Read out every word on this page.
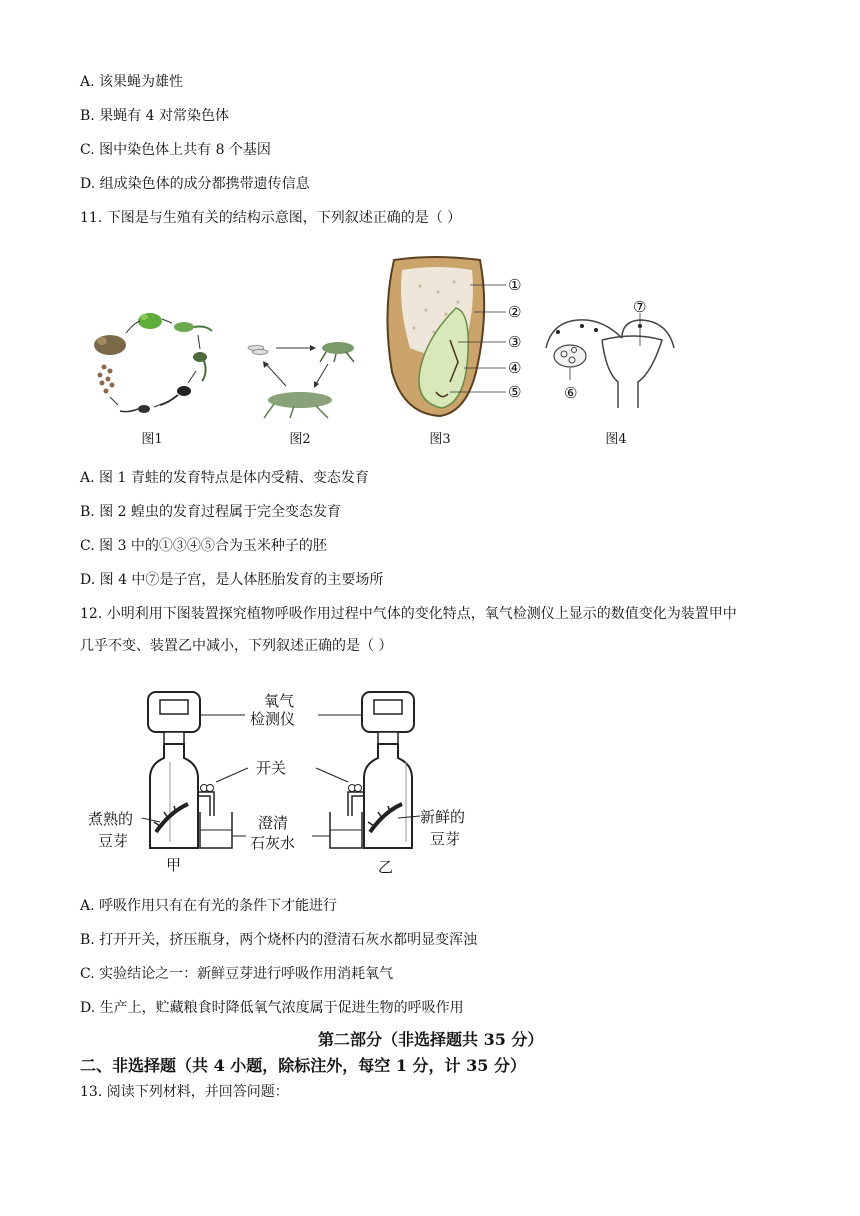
A. 该果蝇为雄性
B. 果蝇有 4 对常染色体
C. 图中染色体上共有 8 个基因
D. 组成染色体的成分都携带遗传信息
11. 下图是与生殖有关的结构示意图，下列叙述正确的是（ ）
图1	图2
①
②
③
④
⑤
图3
⑥
⑦
图4
A. 图 1 青蛙的发育特点是体内受精、变态发育
B. 图 2 蝗虫的发育过程属于完全变态发育
C. 图 3 中的①③④⑤合为玉米种子的胚
D. 图 4 中⑦是子宫，是人体胚胎发育的主要场所
12. 小明利用下图装置探究植物呼吸作用过程中气体的变化特点，氧气检测仪上显示的数值变化为装置甲中
几乎不变、装置乙中减小，下列叙述正确的是（ ）
氧气
检测仪
开关
煮熟的
豆芽
澄清
石灰水
新鲜的
豆芽
甲	乙
A. 呼吸作用只有在有光的条件下才能进行
B. 打开开关，挤压瓶身，两个烧杯内的澄清石灰水都明显变浑浊
C. 实验结论之一：新鲜豆芽进行呼吸作用消耗氧气
D. 生产上，贮藏粮食时降低氧气浓度属于促进生物的呼吸作用
第二部分（非选择题共 35 分）
二、非选择题（共 4 小题，除标注外，每空 1 分，计 35 分）
13. 阅读下列材料，并回答问题：
